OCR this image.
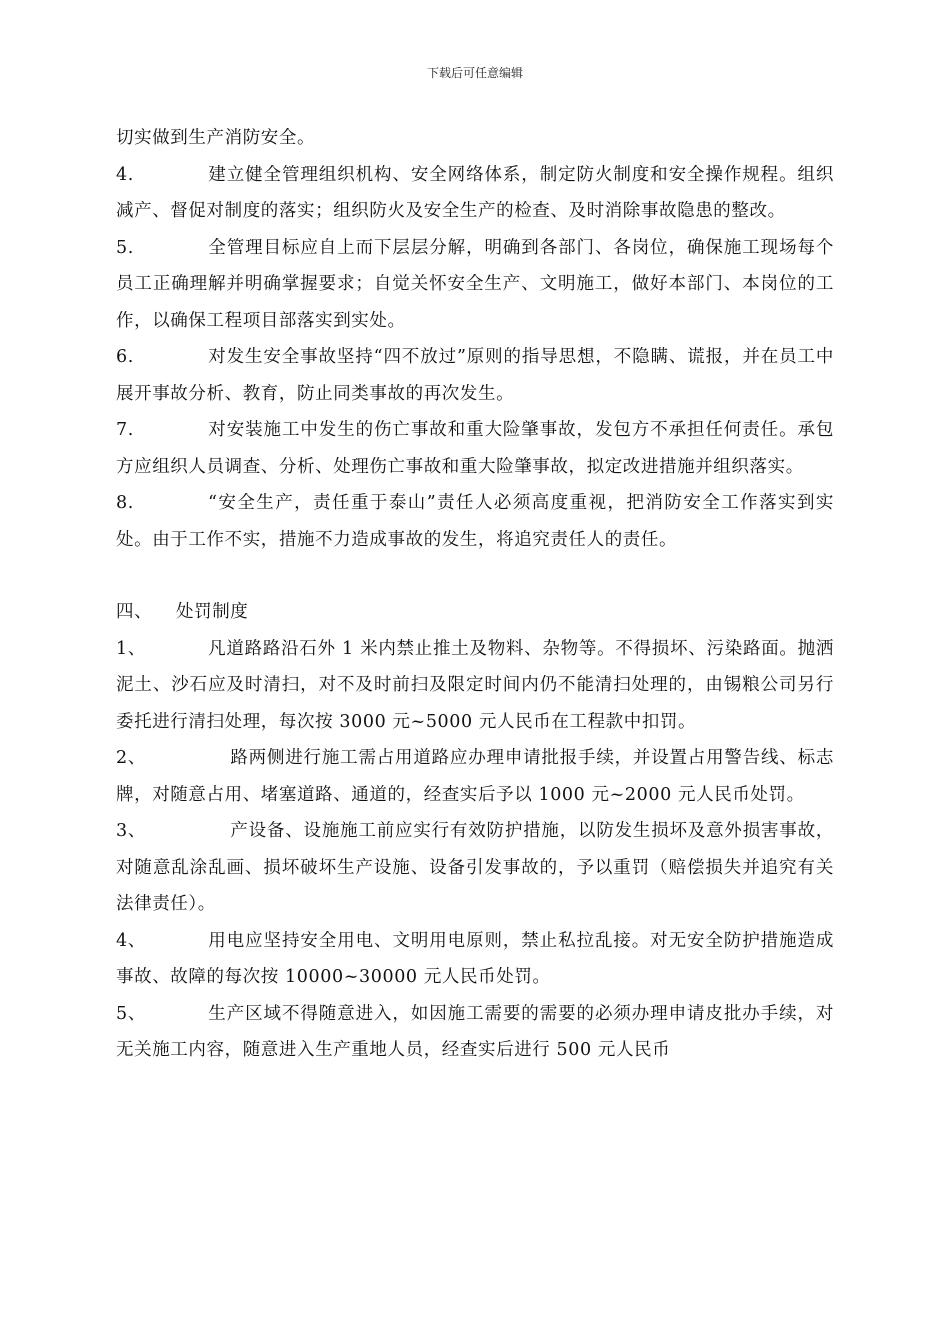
下载后可任意编辑

切实做到生产消防安全。

4.	建立健全管理组织机构、安全网络体系，制定防火制度和安全操作规程。组织减产、督促对制度的落实；组织防火及安全生产的检查、及时消除事故隐患的整改。

5.	全管理目标应自上而下层层分解，明确到各部门、各岗位，确保施工现场每个员工正确理解并明确掌握要求；自觉关怀安全生产、文明施工，做好本部门、本岗位的工作，以确保工程项目部落实到实处。

6.	对发生安全事故坚持“四不放过”原则的指导思想，不隐瞒、谎报，并在员工中展开事故分析、教育，防止同类事故的再次发生。

7.	对安装施工中发生的伤亡事故和重大险肇事故，发包方不承担任何责任。承包方应组织人员调查、分析、处理伤亡事故和重大险肇事故，拟定改进措施并组织落实。

8.	“安全生产，责任重于泰山”责任人必须高度重视，把消防安全工作落实到实处。由于工作不实，措施不力造成事故的发生，将追究责任人的责任。

四、 处罚制度

1、	凡道路路沿石外 1 米内禁止推土及物料、杂物等。不得损坏、污染路面。抛洒泥土、沙石应及时清扫，对不及时前扫及限定时间内仍不能清扫处理的，由锡粮公司另行委托进行清扫处理，每次按 3000 元~5000 元人民币在工程款中扣罚。

2、	路两侧进行施工需占用道路应办理申请批报手续，并设置占用警告线、标志牌，对随意占用、堵塞道路、通道的，经查实后予以 1000 元~2000 元人民币处罚。

3、	产设备、设施施工前应实行有效防护措施，以防发生损坏及意外损害事故，对随意乱涂乱画、损坏破坏生产设施、设备引发事故的，予以重罚（赔偿损失并追究有关法律责任）。

4、	用电应坚持安全用电、文明用电原则，禁止私拉乱接。对无安全防护措施造成事故、故障的每次按 10000~30000 元人民币处罚。

5、	生产区域不得随意进入，如因施工需要的需要的必须办理申请皮批办手续，对无关施工内容，随意进入生产重地人员，经查实后进行 500 元人民币
